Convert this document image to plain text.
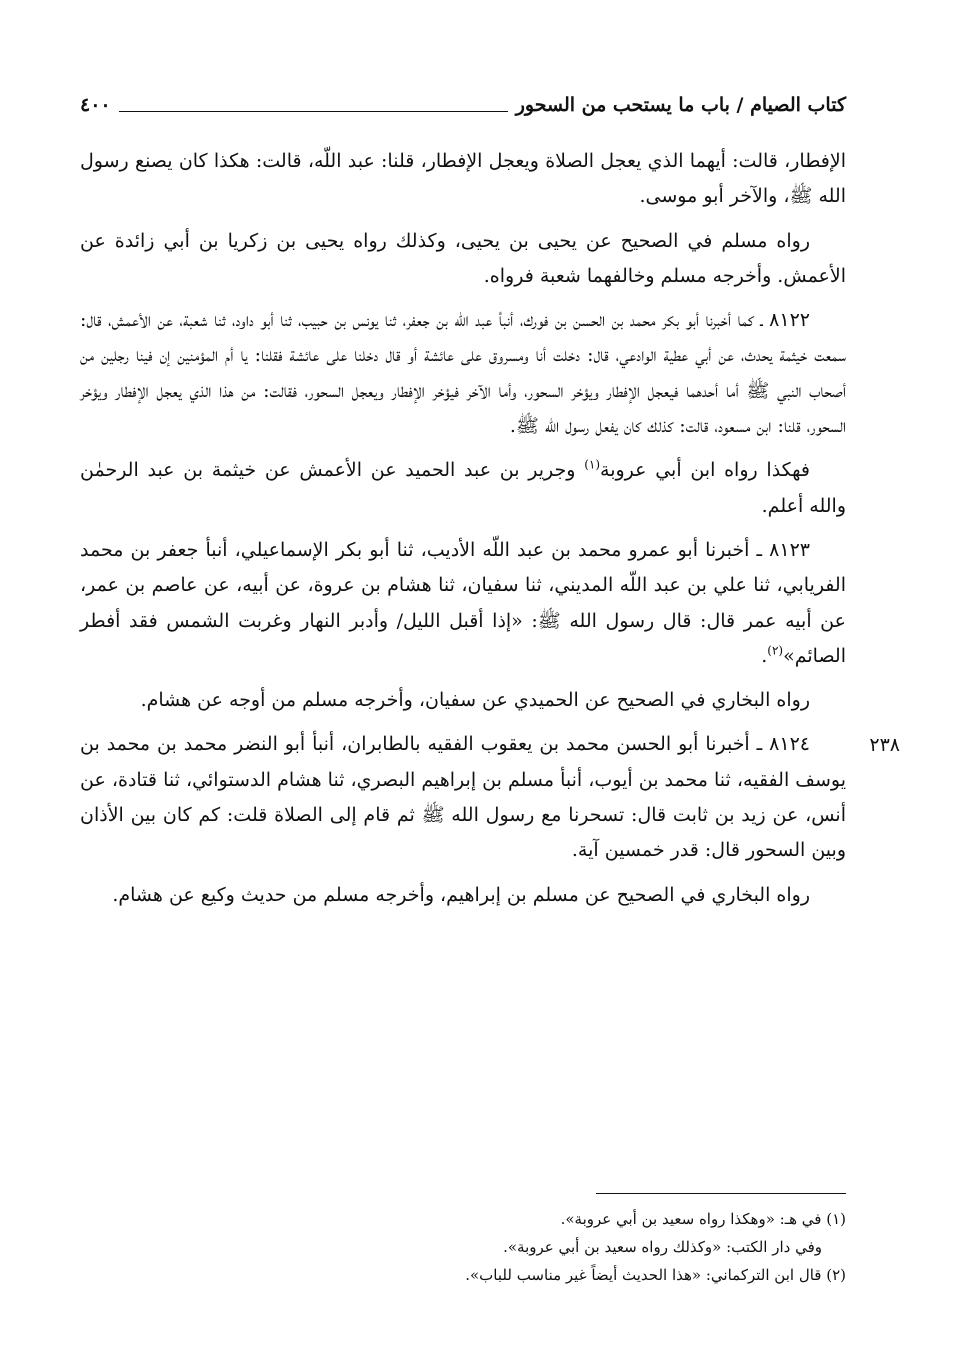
كتاب الصيام / باب ما يستحب من السحور
٤٠٠

الإفطار، قالت: أيهما الذي يعجل الصلاة ويعجل الإفطار، قلنا: عبد اللّه، قالت: هكذا كان يصنع رسول الله ﷺ، والآخر أبو موسى.

رواه مسلم في الصحيح عن يحيى بن يحيى، وكذلك رواه يحيى بن زكريا بن أبي زائدة عن الأعمش. وأخرجه مسلم وخالفهما شعبة فرواه.

٨١٢٢ ـ كما أخبرنا أبو بكر محمد بن الحسن بن فورك، أنبأ عبد اللّه بن جعفر، ثنا يونس بن حبيب، ثنا أبو داود، ثنا شعبة، عن الأعمش، قال: سمعت خيثمة يحدث، عن أبي عطية الوادعي، قال: دخلت أنا ومسروق على عائشة أو قال دخلنا على عائشة فقلنا: يا أم المؤمنين إن فينا رجلين من أصحاب النبي ﷺ أما أحدهما فيعجل الإفطار ويؤخر السحور، وأما الآخر فيؤخر الإفطار ويعجل السحور، فقالت: من هذا الذي يعجل الإفطار ويؤخر السحور، قلنا: ابن مسعود، قالت: كذلك كان يفعل رسول الله ﷺ.

فهكذا رواه ابن أبي عروبة$^{(١)}$ وجرير بن عبد الحميد عن الأعمش عن خيثمة بن عبد الرحمٰن والله أعلم.

٨١٢٣ ـ أخبرنا أبو عمرو محمد بن عبد اللّه الأديب، ثنا أبو بكر الإسماعيلي، أنبأ جعفر بن محمد الفريابي، ثنا علي بن عبد اللّه المديني، ثنا سفيان، ثنا هشام بن عروة، عن أبيه، عن عاصم بن عمر، عن أبيه عمر قال: قال رسول الله ﷺ: «إذا أقبل الليل/ وأدبر النهار وغربت الشمس فقد أفطر الصائم»$^{(٢)}$.

رواه البخاري في الصحيح عن الحميدي عن سفيان، وأخرجه مسلم من أوجه عن هشام.

٨١٢٤ ـ أخبرنا أبو الحسن محمد بن يعقوب الفقيه بالطابران، أنبأ أبو النضر محمد بن محمد بن يوسف الفقيه، ثنا محمد بن أيوب، أنبأ مسلم بن إبراهيم البصري، ثنا هشام الدستوائي، ثنا قتادة، عن أنس، عن زيد بن ثابت قال: تسحرنا مع رسول الله ﷺ ثم قام إلى الصلاة قلت: كم كان بين الأذان وبين السحور قال: قدر خمسين آية.

رواه البخاري في الصحيح عن مسلم بن إبراهيم، وأخرجه مسلم من حديث وكيع عن هشام.

٢٣٨

(١) في هـ: «وهكذا رواه سعيد بن أبي عروبة».

وفي دار الكتب: «وكذلك رواه سعيد بن أبي عروبة».

(٢) قال ابن التركماني: «هذا الحديث أيضاً غير مناسب للباب».
